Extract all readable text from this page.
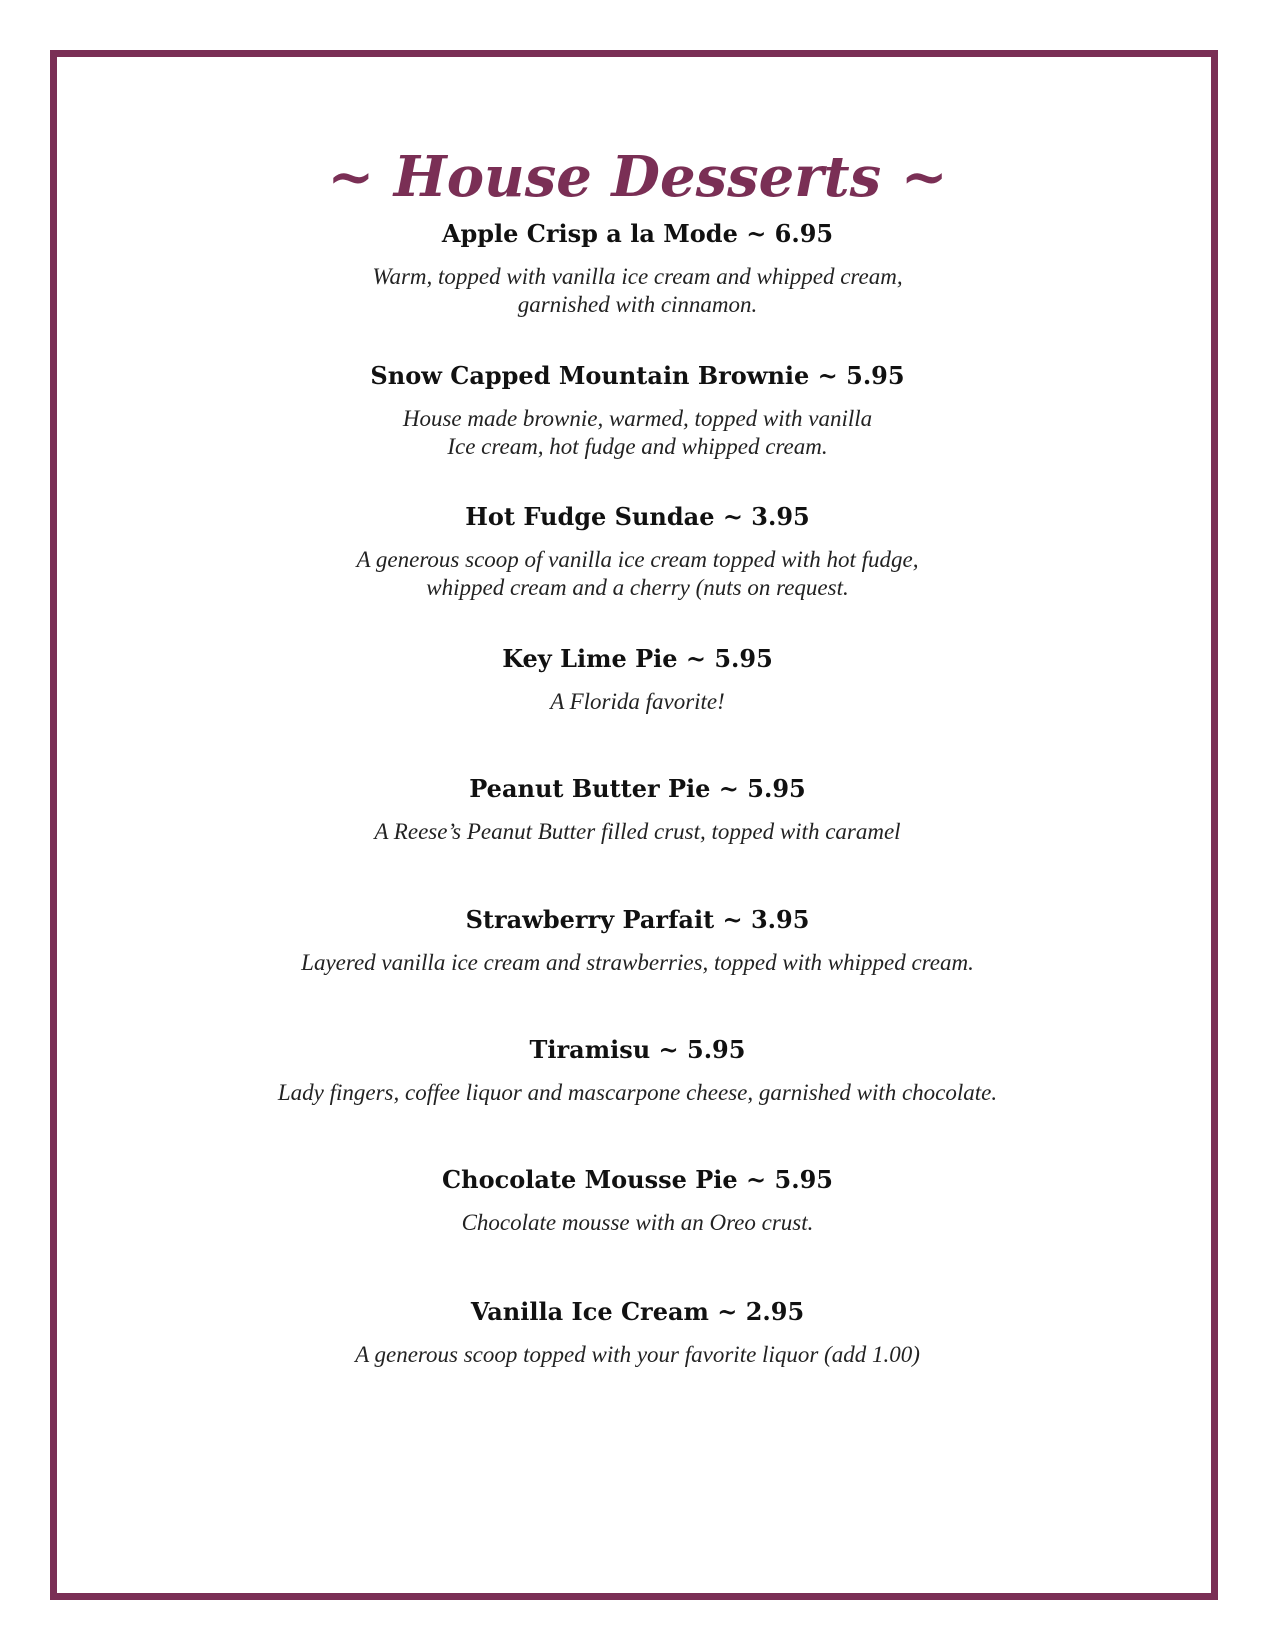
~ House Desserts ~
Apple Crisp a la Mode ~ 6.95
Warm, topped with vanilla ice cream and whipped cream,
garnished with cinnamon.
Snow Capped Mountain Brownie ~ 5.95
House made brownie, warmed, topped with vanilla
Ice cream, hot fudge and whipped cream.
Hot Fudge Sundae ~ 3.95
A generous scoop of vanilla ice cream topped with hot fudge,
whipped cream and a cherry (nuts on request.
Key Lime Pie ~ 5.95
A Florida favorite!
Peanut Butter Pie ~ 5.95
A Reese’s Peanut Butter filled crust, topped with caramel
Strawberry Parfait ~ 3.95
Layered vanilla ice cream and strawberries, topped with whipped cream.
Tiramisu ~ 5.95
Lady fingers, coffee liquor and mascarpone cheese, garnished with chocolate.
Chocolate Mousse Pie ~ 5.95
Chocolate mousse with an Oreo crust.
Vanilla Ice Cream ~ 2.95
A generous scoop topped with your favorite liquor (add 1.00)
